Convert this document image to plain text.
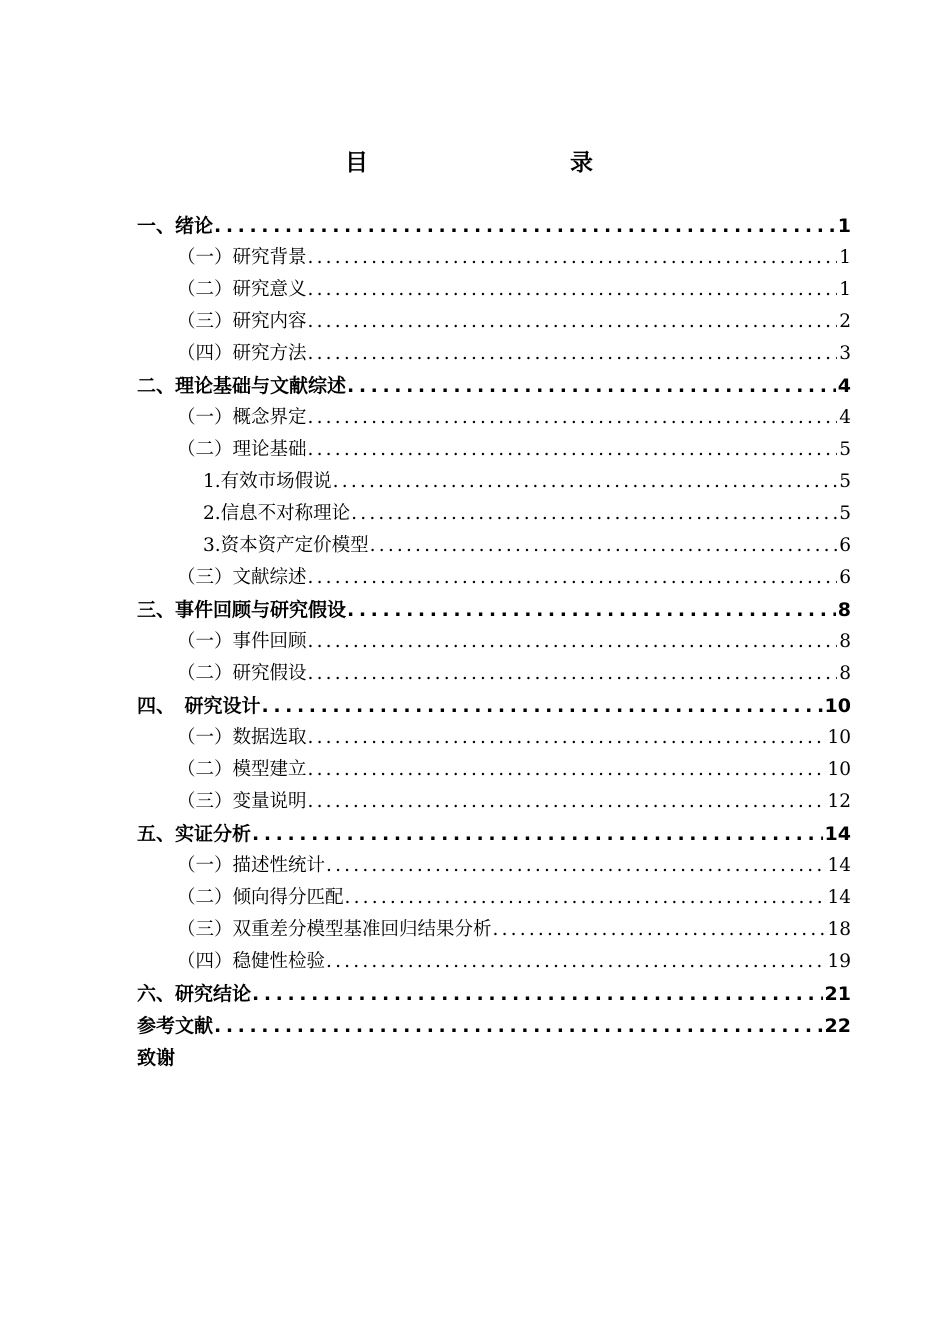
目　　录
一、绪论 .....	1
（一）研究背景 .....	1
（二）研究意义 .....	1
（三）研究内容 .....	2
（四）研究方法 .....	3
二、理论基础与文献综述 .....	4
（一）概念界定 .....	4
（二）理论基础 .....	5
1.有效市场假说 .....	5
2.信息不对称理论 .....	5
3.资本资产定价模型 .....	6
（三）文献综述 .....	6
三、事件回顾与研究假设 .....	8
（一）事件回顾 .....	8
（二）研究假设 .....	8
四、　研究设计 .....	10
（一）数据选取 .....	10
（二）模型建立 .....	10
（三）变量说明 .....	12
五、实证分析 .....	14
（一）描述性统计 .....	14
（二）倾向得分匹配 .....	14
（三）双重差分模型基准回归结果分析 .....	18
（四）稳健性检验 .....	19
六、研究结论 .....	21
参考文献 .....	22
致谢
